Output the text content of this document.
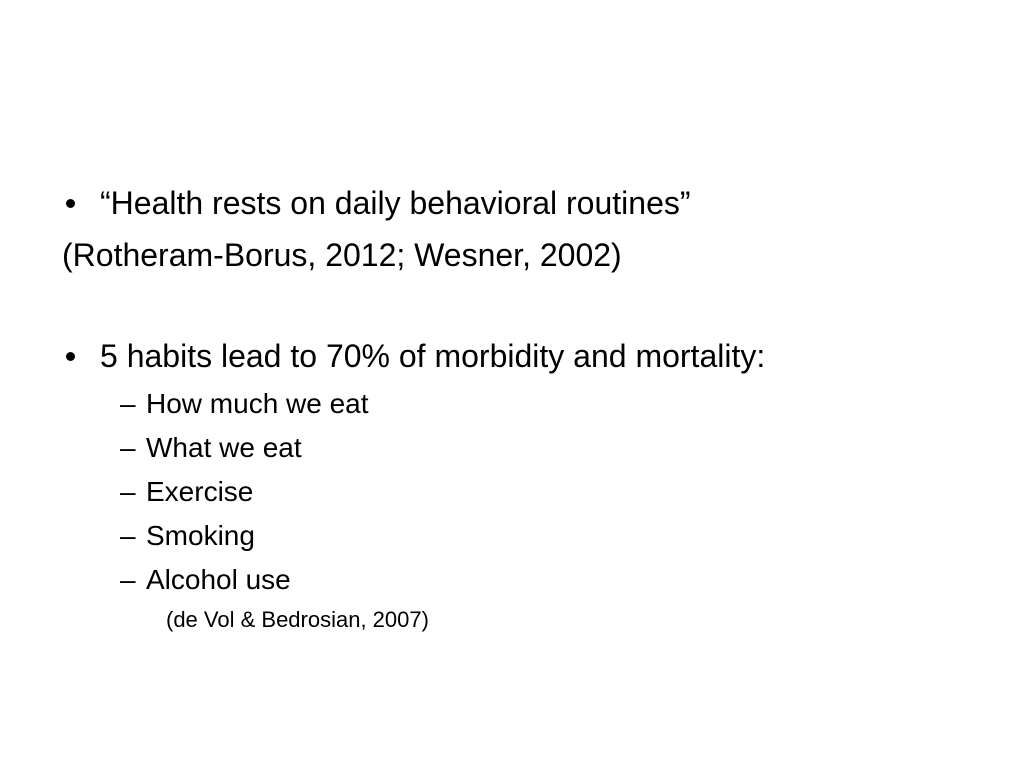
“Health rests on daily behavioral routines”
(Rotheram-Borus, 2012; Wesner, 2002)
5 habits lead to 70% of morbidity and mortality:
– How much we eat
– What we eat
– Exercise
– Smoking
– Alcohol use
(de Vol & Bedrosian, 2007)
